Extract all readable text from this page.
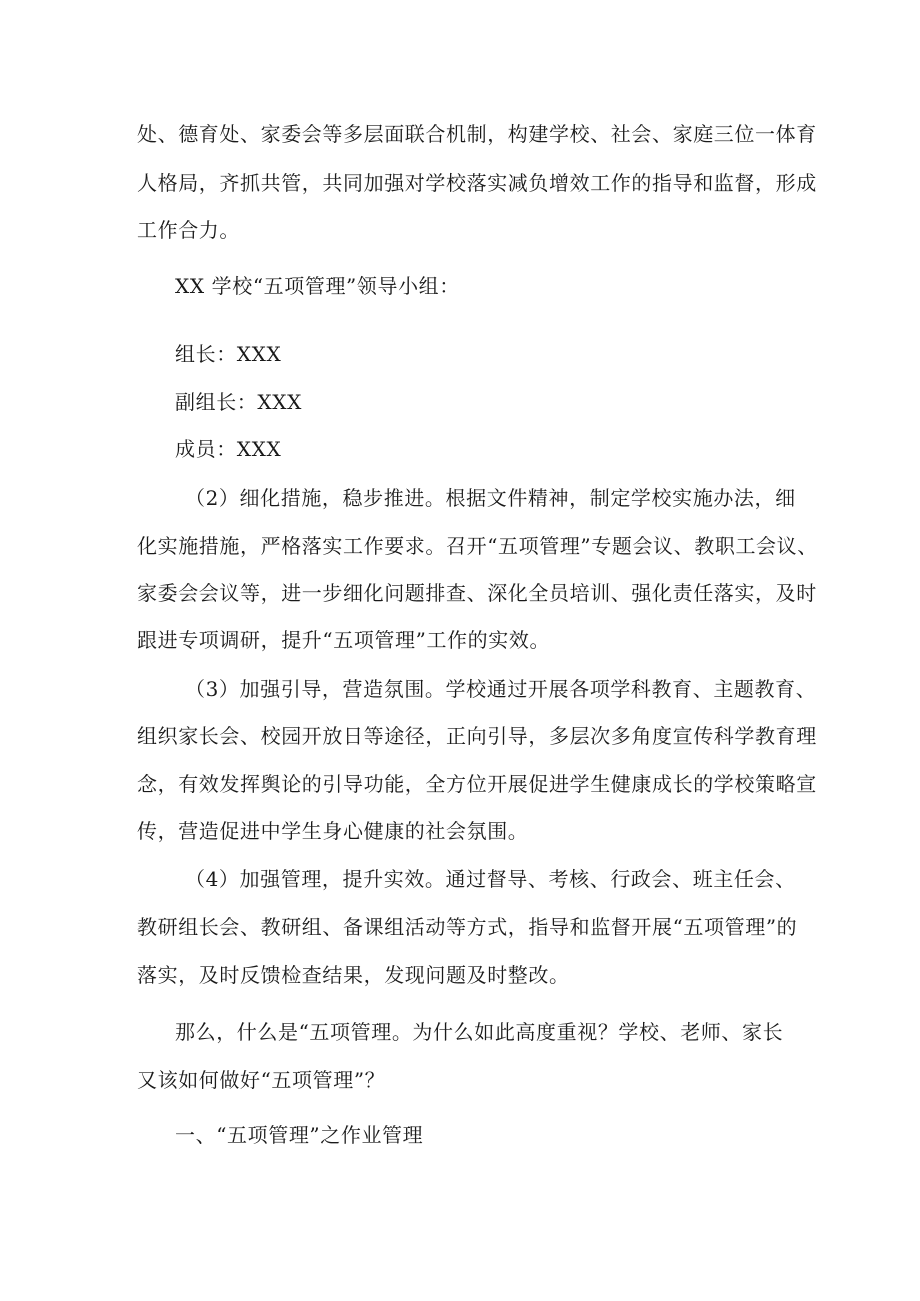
处、德育处、家委会等多层面联合机制，构建学校、社会、家庭三位一体育
人格局，齐抓共管，共同加强对学校落实减负增效工作的指导和监督，形成
工作合力。
XX 学校“五项管理”领导小组：
组长：XXX
副组长：XXX
成员：XXX
（2）细化措施，稳步推进。根据文件精神，制定学校实施办法，细
化实施措施，严格落实工作要求。召开“五项管理”专题会议、教职工会议、
家委会会议等，进一步细化问题排查、深化全员培训、强化责任落实，及时
跟进专项调研，提升“五项管理”工作的实效。
（3）加强引导，营造氛围。学校通过开展各项学科教育、主题教育、
组织家长会、校园开放日等途径，正向引导，多层次多角度宣传科学教育理
念，有效发挥舆论的引导功能，全方位开展促进学生健康成长的学校策略宣
传，营造促进中学生身心健康的社会氛围。
（4）加强管理，提升实效。通过督导、考核、行政会、班主任会、
教研组长会、教研组、备课组活动等方式，指导和监督开展“五项管理”的
落实，及时反馈检查结果，发现问题及时整改。
那么，什么是“五项管理。为什么如此高度重视？学校、老师、家长
又该如何做好“五项管理”？
一、“五项管理”之作业管理
